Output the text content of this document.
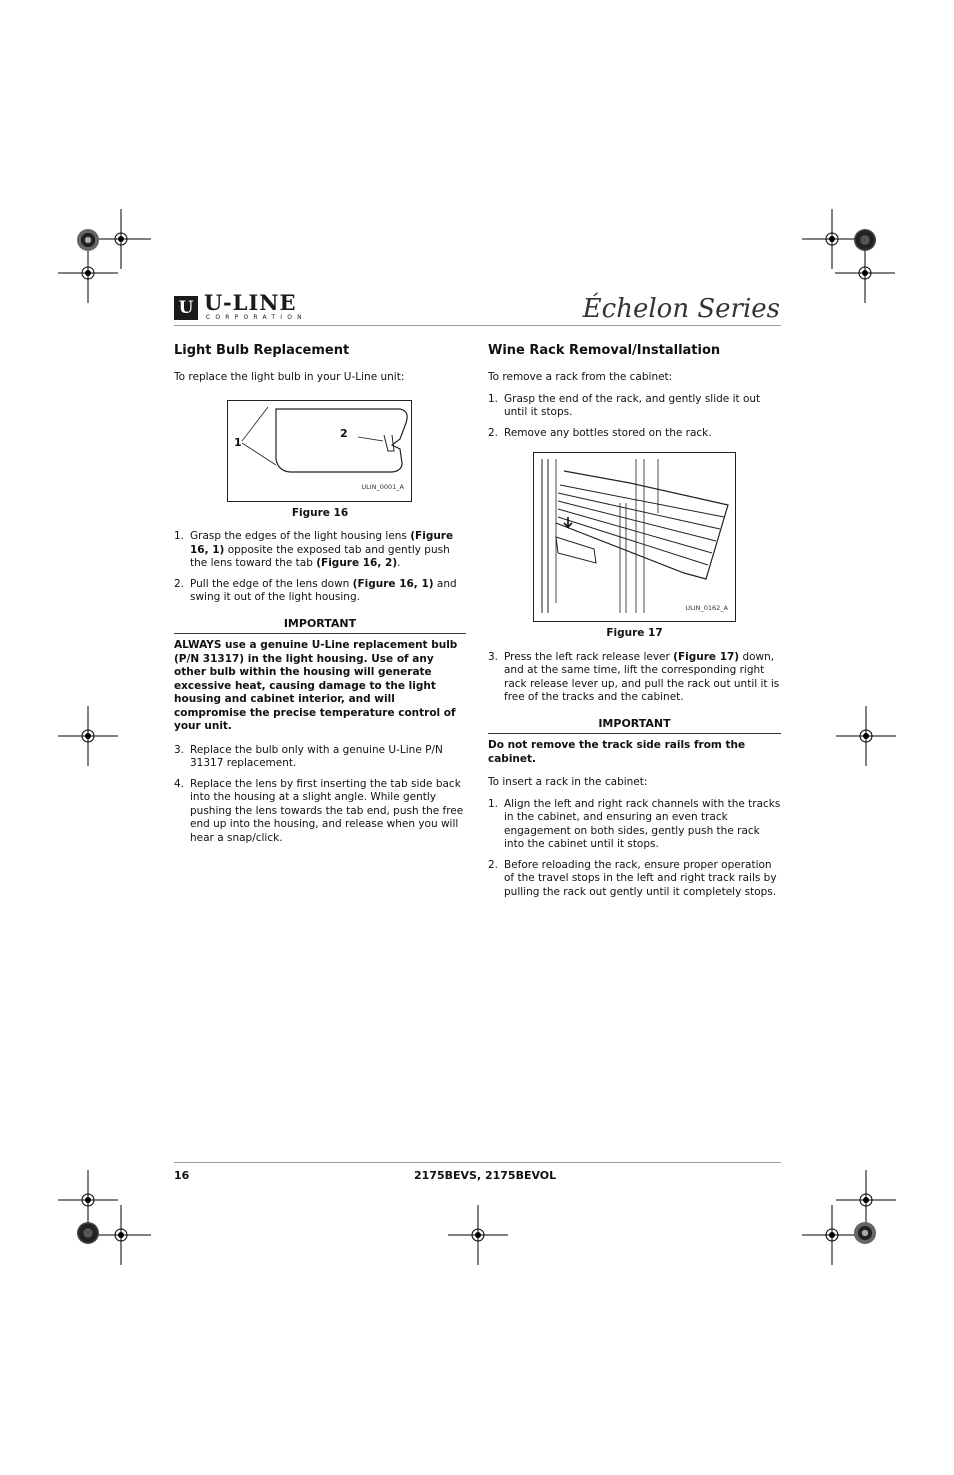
U U-LINE
CORPORATION	Échelon Series
Light Bulb Replacement

To replace the light bulb in your U-Line unit:

1
2
ULIN_0001_A
Figure 16
1. Grasp the edges of the light housing lens (Figure 16, 1) opposite the exposed tab and gently push the lens toward the tab (Figure 16, 2).
2. Pull the edge of the lens down (Figure 16, 1) and swing it out of the light housing.
IMPORTANT
ALWAYS use a genuine U-Line replacement bulb (P/N 31317) in the light housing. Use of any other bulb within the housing will generate excessive heat, causing damage to the light housing and cabinet interior, and will compromise the precise temperature control of your unit.
3. Replace the bulb only with a genuine U-Line P/N 31317 replacement.
4. Replace the lens by first inserting the tab side back into the housing at a slight angle. While gently pushing the lens towards the tab end, push the free end up into the housing, and release when you will hear a snap/click.
Wine Rack Removal/Installation

To remove a rack from the cabinet:

1. Grasp the end of the rack, and gently slide it out until it stops.
2. Remove any bottles stored on the rack.
ULIN_0162_A
Figure 17
3. Press the left rack release lever (Figure 17) down, and at the same time, lift the corresponding right rack release lever up, and pull the rack out until it is free of the tracks and the cabinet.
IMPORTANT
Do not remove the track side rails from the cabinet.

To insert a rack in the cabinet:

1. Align the left and right rack channels with the tracks in the cabinet, and ensuring an even track engagement on both sides, gently push the rack into the cabinet until it stops.
2. Before reloading the rack, ensure proper operation of the travel stops in the left and right track rails by pulling the rack out gently until it completely stops.
16	2175BEVS, 2175BEVOL
